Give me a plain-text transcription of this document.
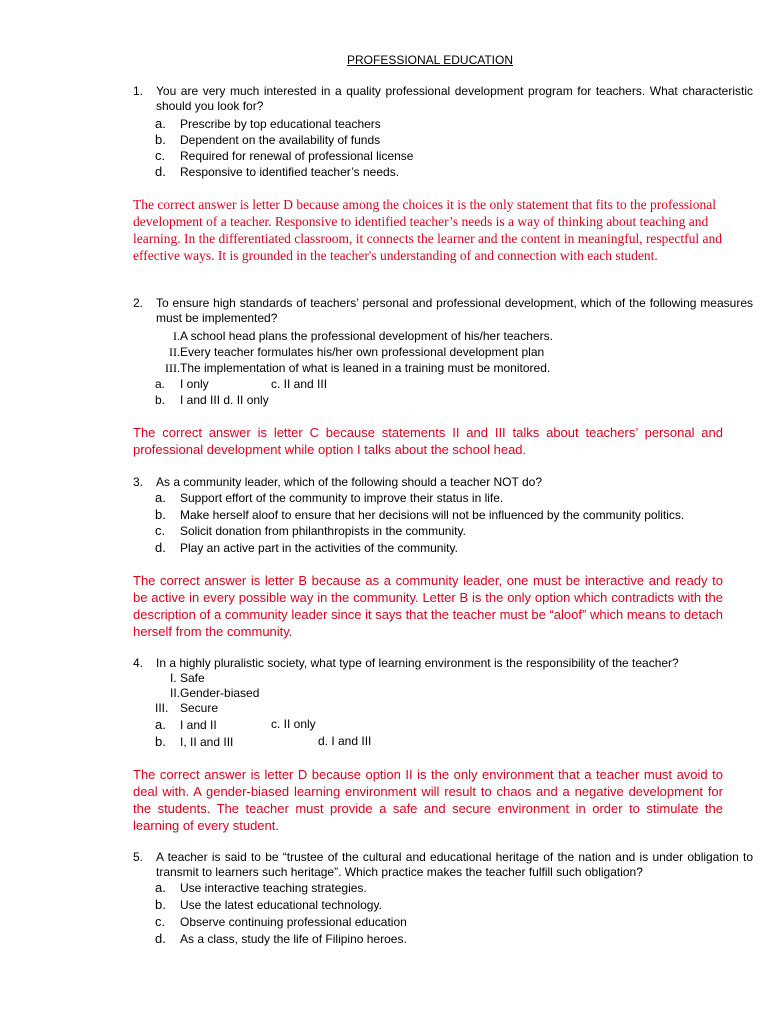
PROFESSIONAL EDUCATION
1. You are very much interested in a quality professional development program for teachers. What characteristic should you look for?
a. Prescribe by top educational teachers
b. Dependent on the availability of funds
c. Required for renewal of professional license
d. Responsive to identified teacher’s needs.
The correct answer is letter D because among the choices it is the only statement that fits to the professional development of a teacher. Responsive to identified teacher’s needs is a way of thinking about teaching and learning. In the differentiated classroom, it connects the learner and the content in meaningful, respectful and effective ways. It is grounded in the teacher's understanding of and connection with each student.
2. To ensure high standards of teachers’ personal and professional development, which of the following measures must be implemented?
I. A school head plans the professional development of his/her teachers.
II. Every teacher formulates his/her own professional development plan
III. The implementation of what is leaned in a training must be monitored.
a. I only	c. II and III
b. I and III d. II only
The correct answer is letter C because statements II and III talks about teachers’ personal and professional development while option I talks about the school head.
3. As a community leader, which of the following should a teacher NOT do?
a. Support effort of the community to improve their status in life.
b. Make herself aloof to ensure that her decisions will not be influenced by the community politics.
c. Solicit donation from philanthropists in the community.
d. Play an active part in the activities of the community.
The correct answer is letter B because as a community leader, one must be interactive and ready to be active in every possible way in the community. Letter B is the only option which contradicts with the description of a community leader since it says that the teacher must be “aloof” which means to detach herself from the community.
4. In a highly pluralistic society, what type of learning environment is the responsibility of the teacher?
I. Safe
II.Gender-biased
III. Secure
a. I and II	c. II only
b. I, II and III	d. I and III
The correct answer is letter D because option II is the only environment that a teacher must avoid to deal with. A gender-biased learning environment will result to chaos and a negative development for the students. The teacher must provide a safe and secure environment in order to stimulate the learning of every student.
5. A teacher is said to be “trustee of the cultural and educational heritage of the nation and is under obligation to transmit to learners such heritage”. Which practice makes the teacher fulfill such obligation?
a. Use interactive teaching strategies.
b. Use the latest educational technology.
c. Observe continuing professional education
d. As a class, study the life of Filipino heroes.
